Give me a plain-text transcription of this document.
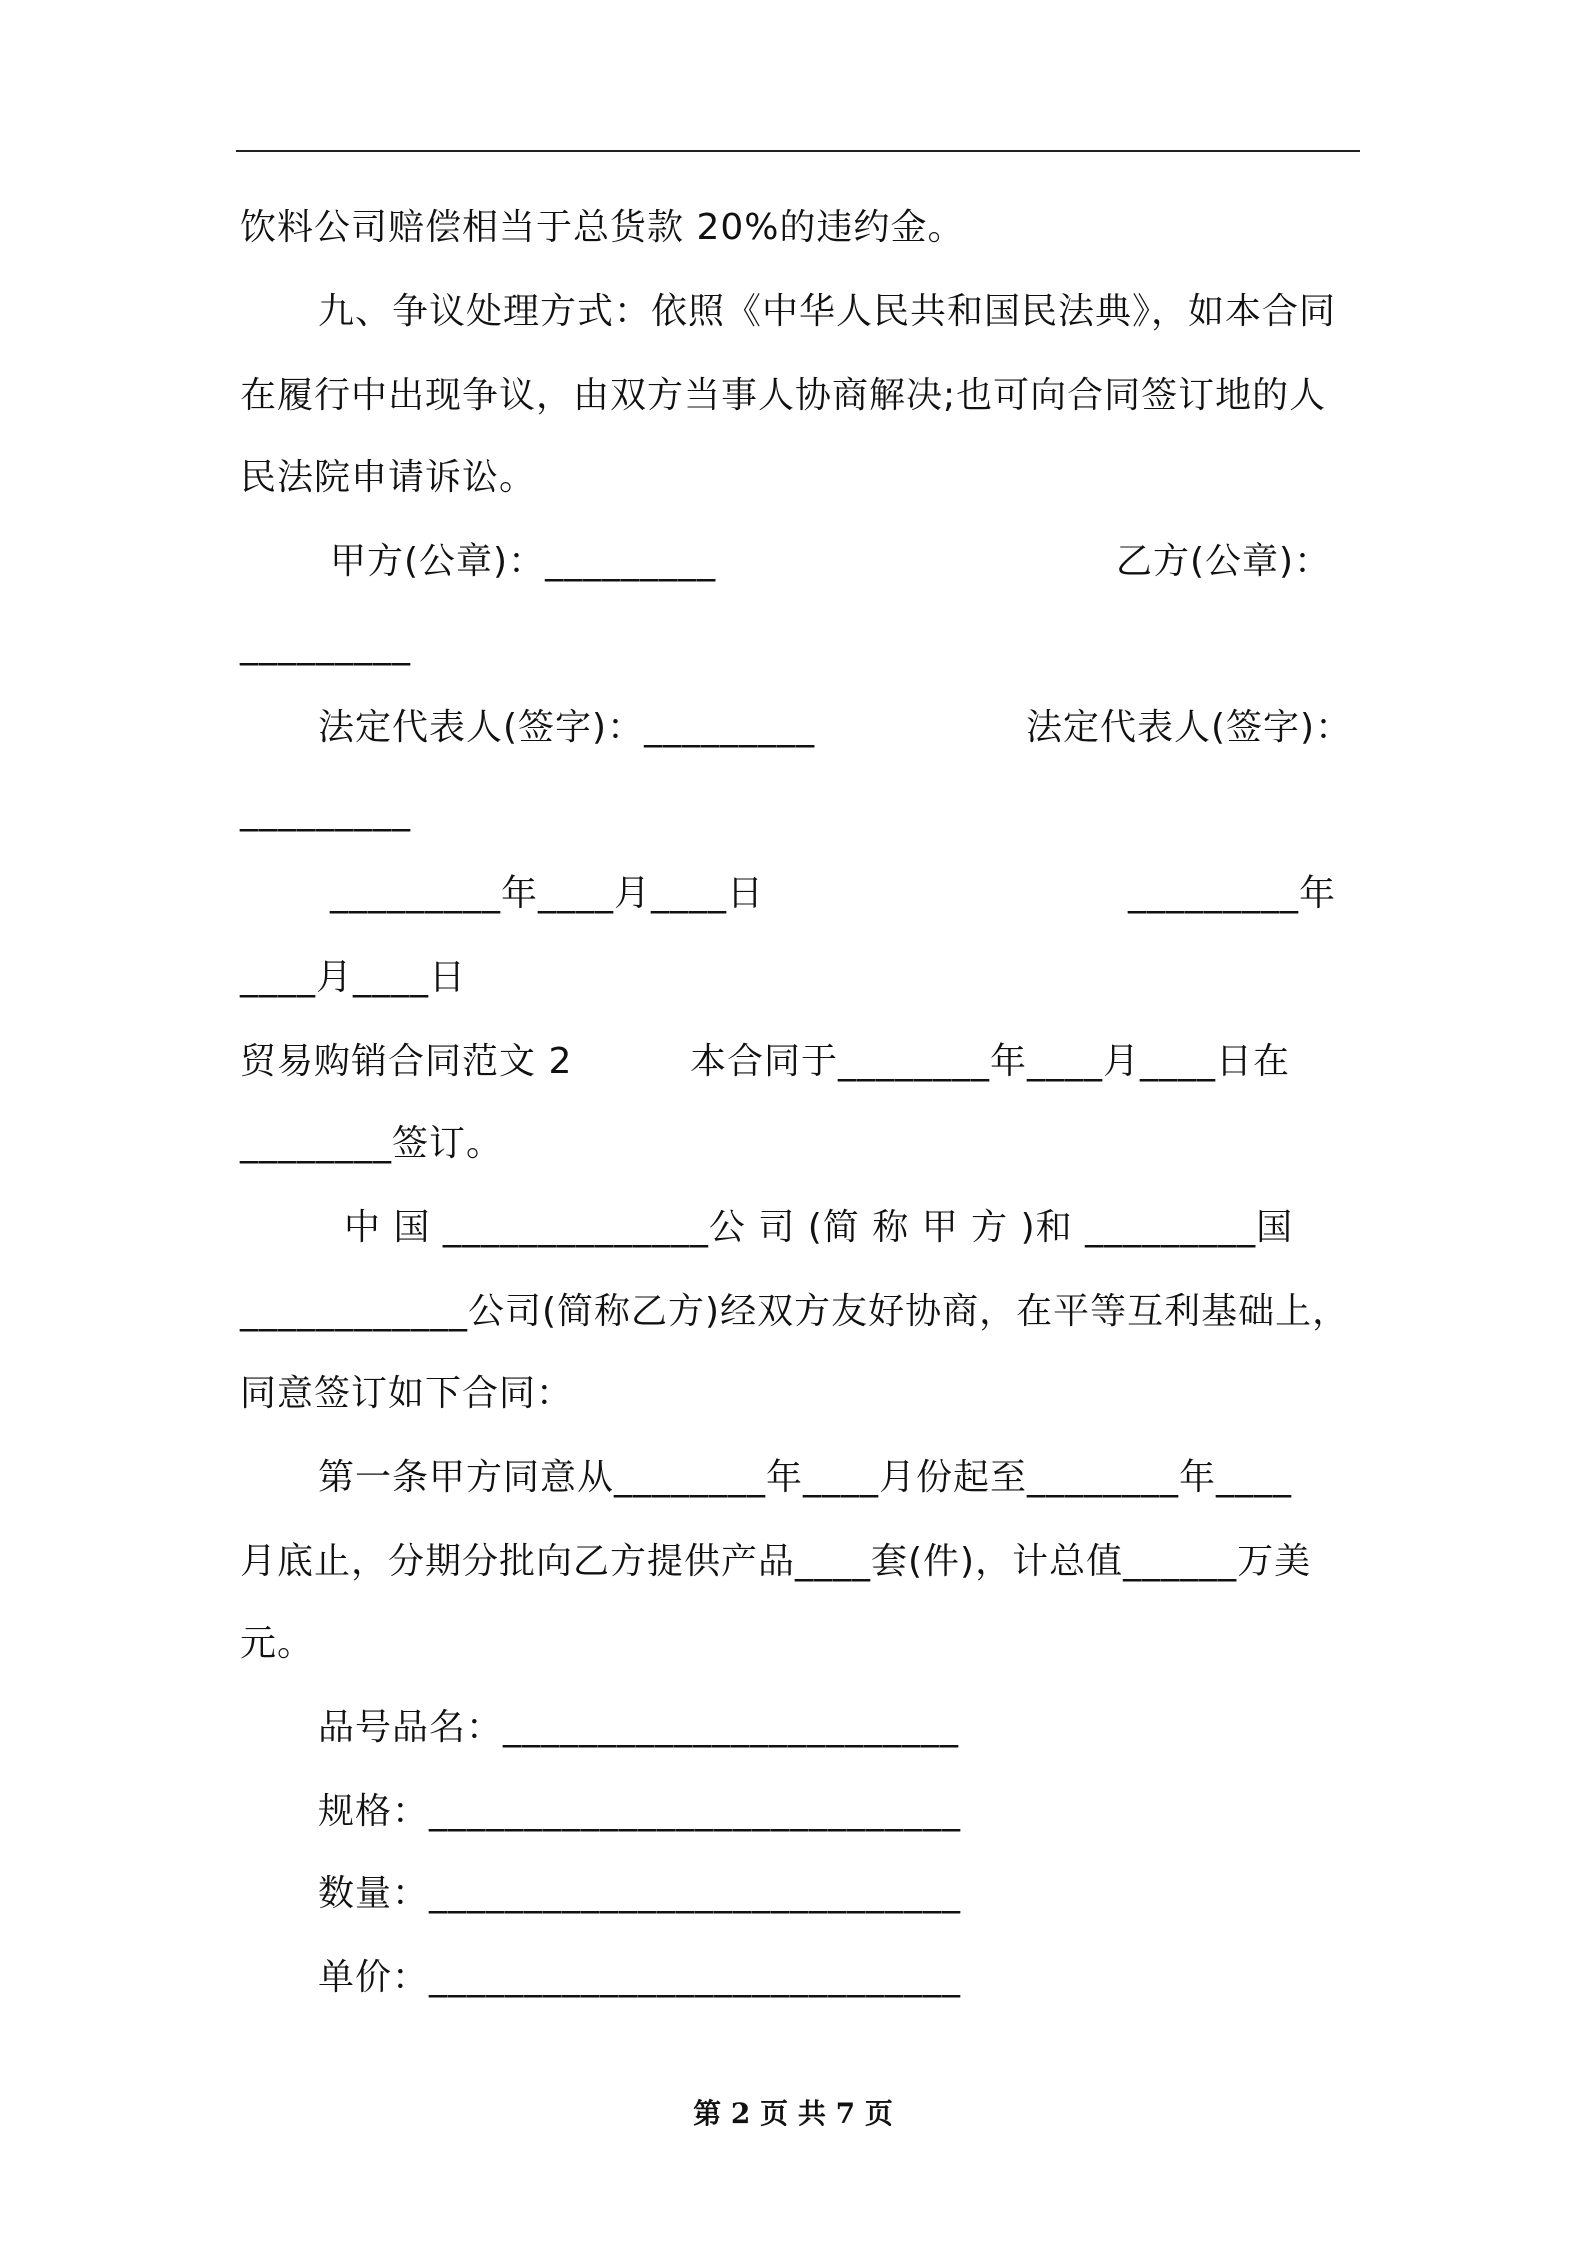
饮料公司赔偿相当于总货款 20%的违约金。
九、争议处理方式：依照《中华人民共和国民法典》，如本合同
在履行中出现争议，由双方当事人协商解决;也可向合同签订地的人
民法院申请诉讼。
甲方(公章)：_________	乙方(公章)：
_________
法定代表人(签字)：_________	法定代表人(签字)：
_________
_________年____月____日	_________年
____月____日
贸易购销合同范文 2	本合同于________年____月____日在
________签订。
中 国 ______________公 司 (简 称 甲 方 )和 _________国
____________公司(简称乙方)经双方友好协商，在平等互利基础上，
同意签订如下合同：
第一条甲方同意从________年____月份起至________年____
月底止，分期分批向乙方提供产品____套(件)，计总值______万美
元。
品号品名：________________________
规格：____________________________
数量：____________________________
单价：____________________________
第 2 页 共 7 页
